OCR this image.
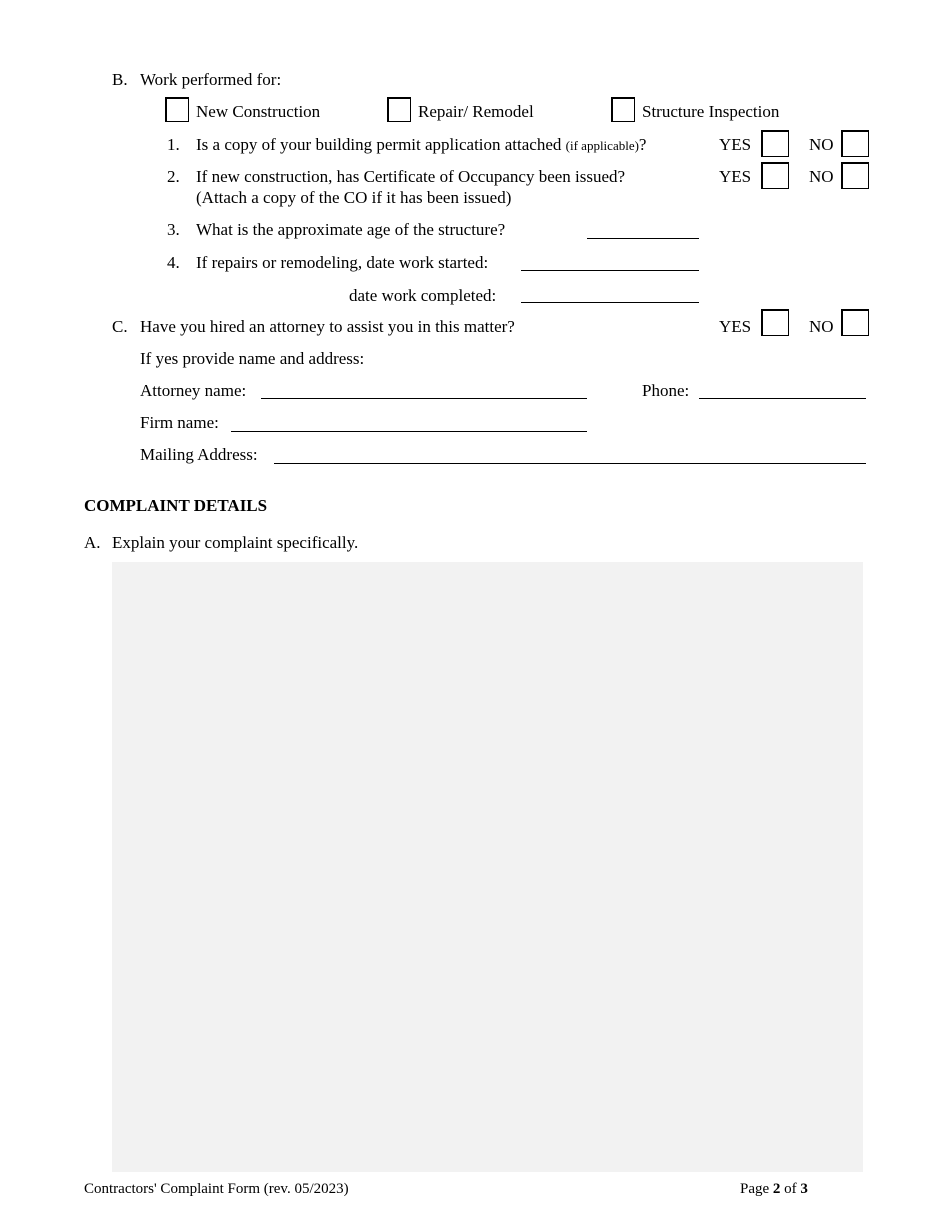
B. Work performed for:
New Construction	Repair/ Remodel	Structure Inspection
1. Is a copy of your building permit application attached (if applicable)?	YES	NO
2. If new construction, has Certificate of Occupancy been issued?
(Attach a copy of the CO if it has been issued)
YES	NO
3. What is the approximate age of the structure?
4. If repairs or remodeling, date work started:
date work completed:
C. Have you hired an attorney to assist you in this matter?	YES	NO
If yes provide name and address:
Attorney name:	Phone:
Firm name:
Mailing Address:
COMPLAINT DETAILS
A. Explain your complaint specifically.
Contractors' Complaint Form (rev. 05/2023)	Page 2 of 3
